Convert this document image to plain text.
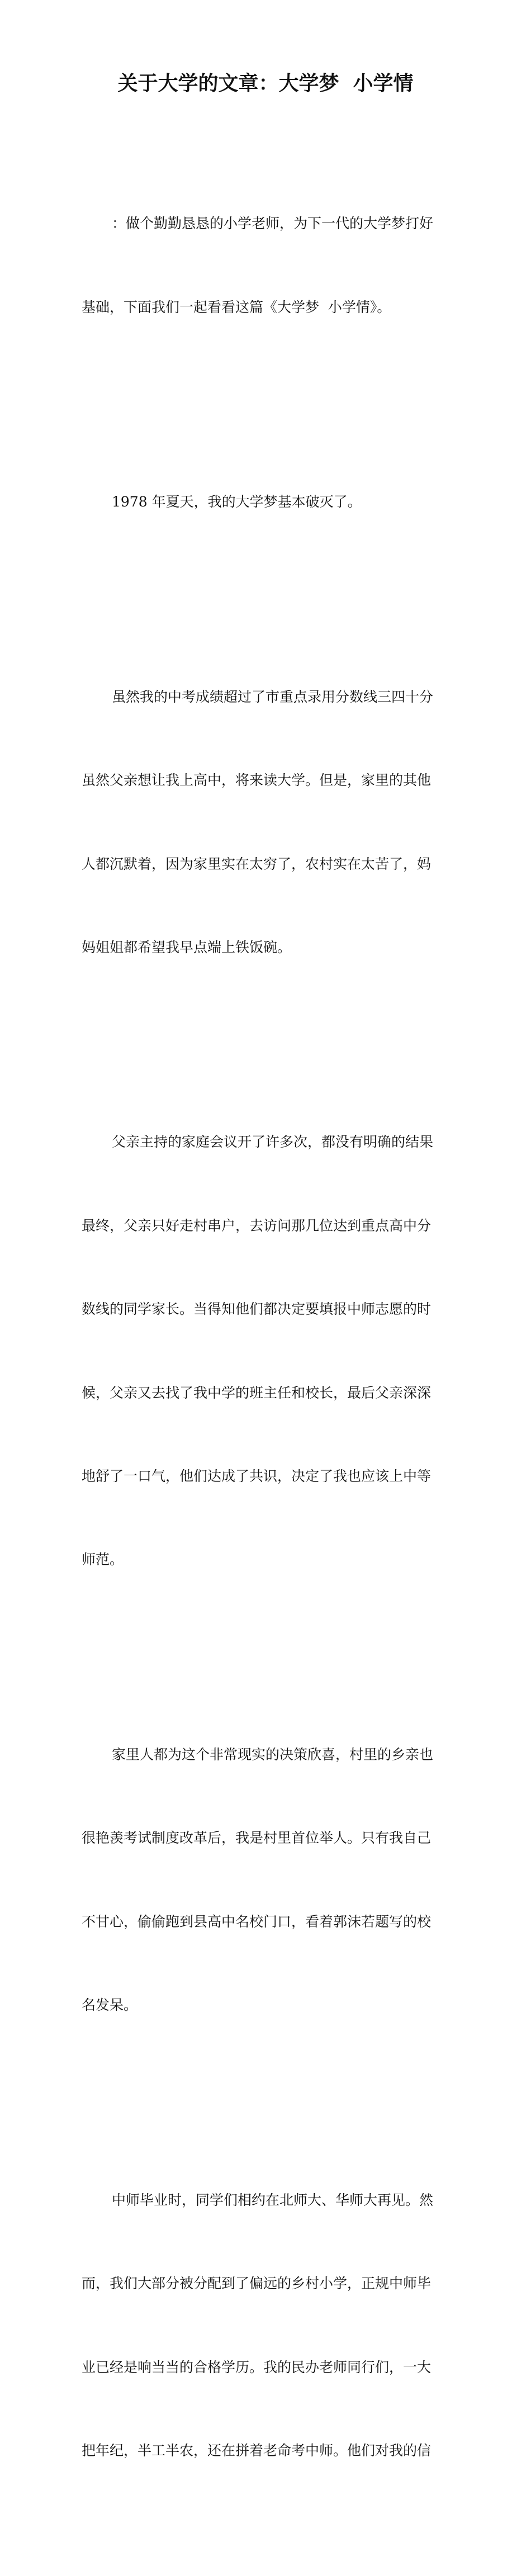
关于大学的文章：大学梦  小学情

：做个勤勤恳恳的小学老师，为下一代的大学梦打好

基础，下面我们一起看看这篇《大学梦  小学情》。

1978 年夏天，我的大学梦基本破灭了。

虽然我的中考成绩超过了市重点录用分数线三四十分

虽然父亲想让我上高中，将来读大学。但是，家里的其他

人都沉默着，因为家里实在太穷了，农村实在太苦了，妈

妈姐姐都希望我早点端上铁饭碗。

父亲主持的家庭会议开了许多次，都没有明确的结果

最终，父亲只好走村串户，去访问那几位达到重点高中分

数线的同学家长。当得知他们都决定要填报中师志愿的时

候，父亲又去找了我中学的班主任和校长，最后父亲深深

地舒了一口气，他们达成了共识，决定了我也应该上中等

师范。

家里人都为这个非常现实的决策欣喜，村里的乡亲也

很艳羡考试制度改革后，我是村里首位举人。只有我自己

不甘心，偷偷跑到县高中名校门口，看着郭沫若题写的校

名发呆。

中师毕业时，同学们相约在北师大、华师大再见。然

而，我们大部分被分配到了偏远的乡村小学，正规中师毕

业已经是响当当的合格学历。我的民办老师同行们，一大

把年纪，半工半农，还在拼着老命考中师。他们对我的信
